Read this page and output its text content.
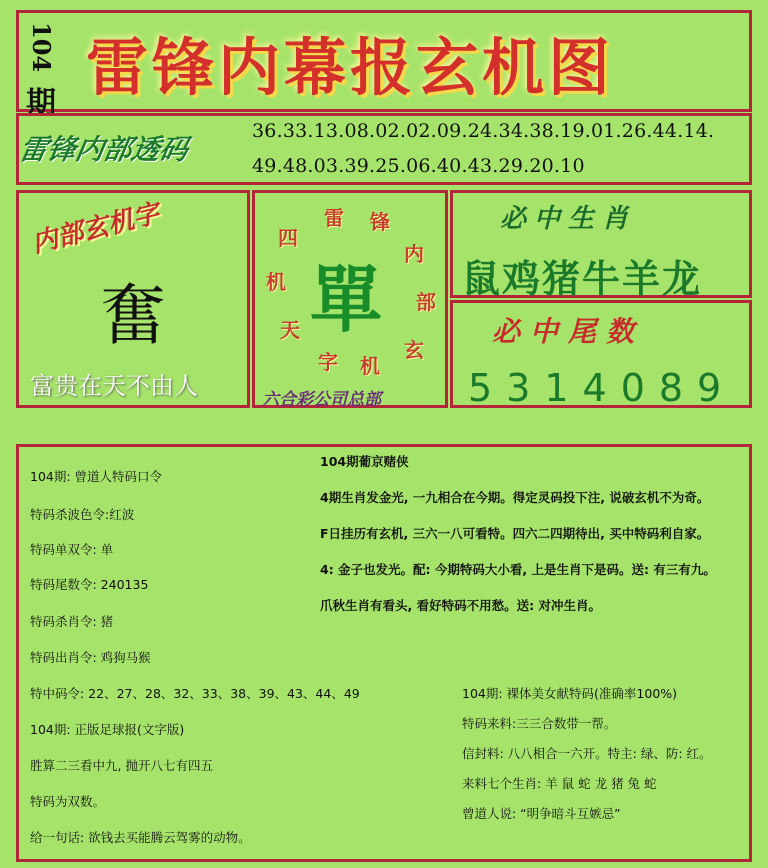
104
期 雷锋内幕报玄机图
雷锋内部透码
36.33.13.08.02.02.09.24.34.38.19.01.26.44.14.
49.48.03.39.25.06.40.43.29.20.10
内部玄机字
奮
富贵在天不由人
雷 锋
内
部
玄
机
字
天
机
四
單
六合彩公司总部
必中生肖
鼠鸡猪牛羊龙
必中尾数
5314089
104期: 曾道人特码口令
特码杀波色令:红波
特码单双令: 单
特码尾数令: 240135
特码杀肖令: 猪
特码出肖令: 鸡狗马猴
特中码令: 22、27、28、32、33、38、39、43、44、49
104期: 正版足球报(文字版)
胜算二三看中九, 抛开八七有四五
特码为双数。
给一句话: 欲钱去买能腾云驾雾的动物。
104期葡京赌侠
4期生肖发金光, 一九相合在今期。得定灵码投下注, 说破玄机不为奇。
F日挂历有玄机, 三六一八可看特。四六二四期待出, 买中特码利自家。
4: 金子也发光。配: 今期特码大小看, 上是生肖下是码。送: 有三有九。
爪秋生肖有看头, 看好特码不用愁。送: 对冲生肖。
104期: 裸体美女献特码(准确率100%)
特码来料:三三合数带一帮。
信封料: 八八相合一六开。特主: 绿、防: 红。
来料七个生肖: 羊 鼠 蛇 龙 猪 兔 蛇
曾道人说: “明争暗斗互嫉忌”
